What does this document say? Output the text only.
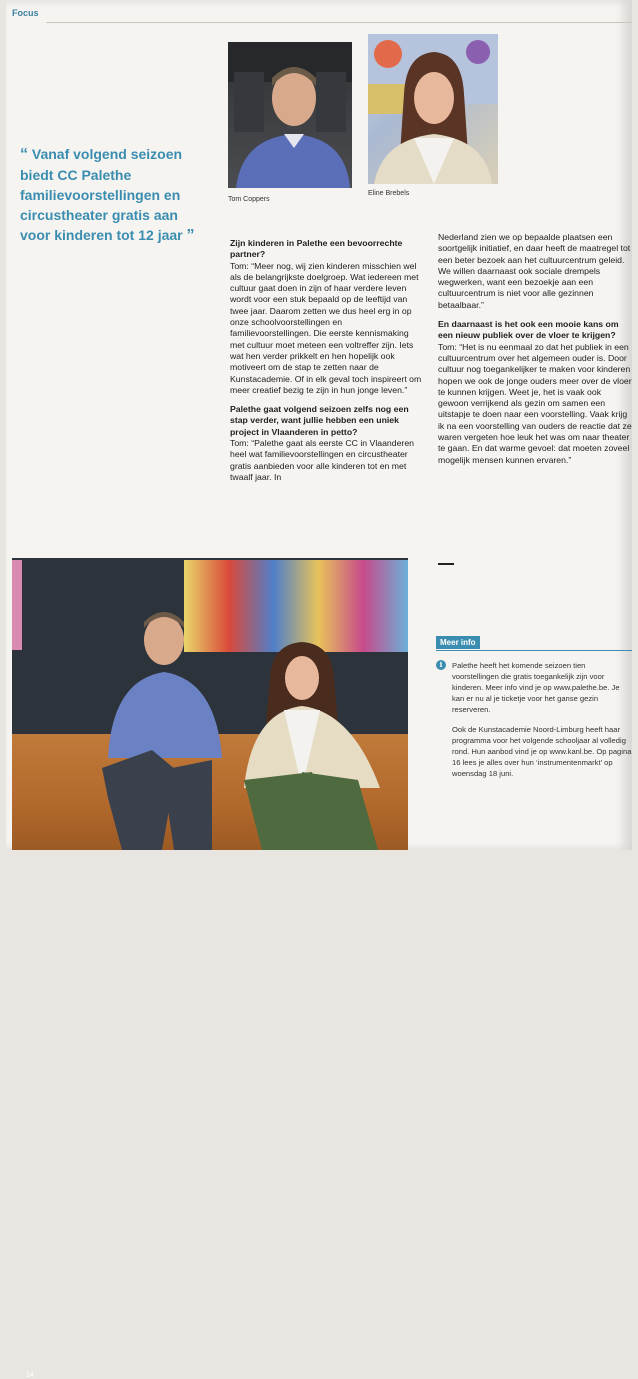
Focus
“ Vanaf volgend seizoen biedt CC Palethe familievoorstellingen en circustheater gratis aan voor kinderen tot 12 jaar ”
Tom Coppers
Eline Brebels

Zijn kinderen in Palethe een bevoorrechte partner?

Tom: “Meer nog, wij zien kinderen misschien wel als de belangrijkste doelgroep. Wat iedereen met cultuur gaat doen in zijn of haar verdere leven wordt voor een stuk bepaald op de leeftijd van twee jaar. Daarom zetten we dus heel erg in op onze schoolvoorstellingen en familievoorstellingen. Die eerste kennismaking met cultuur moet meteen een voltreffer zijn. Iets wat hen verder prikkelt en hen hopelijk ook motiveert om de stap te zetten naar de Kunstacademie. Of in elk geval toch inspireert om meer creatief bezig te zijn in hun jonge leven.”

Palethe gaat volgend seizoen zelfs nog een stap verder, want jullie hebben een uniek project in Vlaanderen in petto?

Tom: “Palethe gaat als eerste CC in Vlaanderen heel wat familievoorstellingen en circustheater gratis aanbieden voor alle kinderen tot en met twaalf jaar. In

Nederland zien we op bepaalde plaatsen een soortgelijk initiatief, en daar heeft de maatregel tot een beter bezoek aan het cultuurcentrum geleid. We willen daarnaast ook sociale drempels wegwerken, want een bezoekje aan een cultuurcentrum is niet voor alle gezinnen betaalbaar.”

En daarnaast is het ook een mooie kans om een nieuw publiek over de vloer te krijgen?

Tom: “Het is nu eenmaal zo dat het publiek in een cultuurcentrum over het algemeen ouder is. Door cultuur nog toegankelijker te maken voor kinderen hopen we ook de jonge ouders meer over de vloer te kunnen krijgen. Weet je, het is vaak ook gewoon verrijkend als gezin om samen een uitstapje te doen naar een voorstelling. Vaak krijg ik na een voorstelling van ouders de reactie dat ze waren vergeten hoe leuk het was om naar theater te gaan. En dat warme gevoel: dat moeten zoveel mogelijk mensen kunnen ervaren.”

14
Meer info
i	Palethe heeft het komende seizoen tien voorstellingen die gratis toegankelijk zijn voor kinderen. Meer info vind je op www.palethe.be. Je kan er nu al je ticketje voor het ganse gezin reserveren.

Ook de Kunstacademie Noord-Limburg heeft haar programma voor het volgende schooljaar al volledig rond. Hun aanbod vind je op www.kanl.be. Op pagina 16 lees je alles over hun ‘instrumentenmarkt’ op woensdag 18 juni.
